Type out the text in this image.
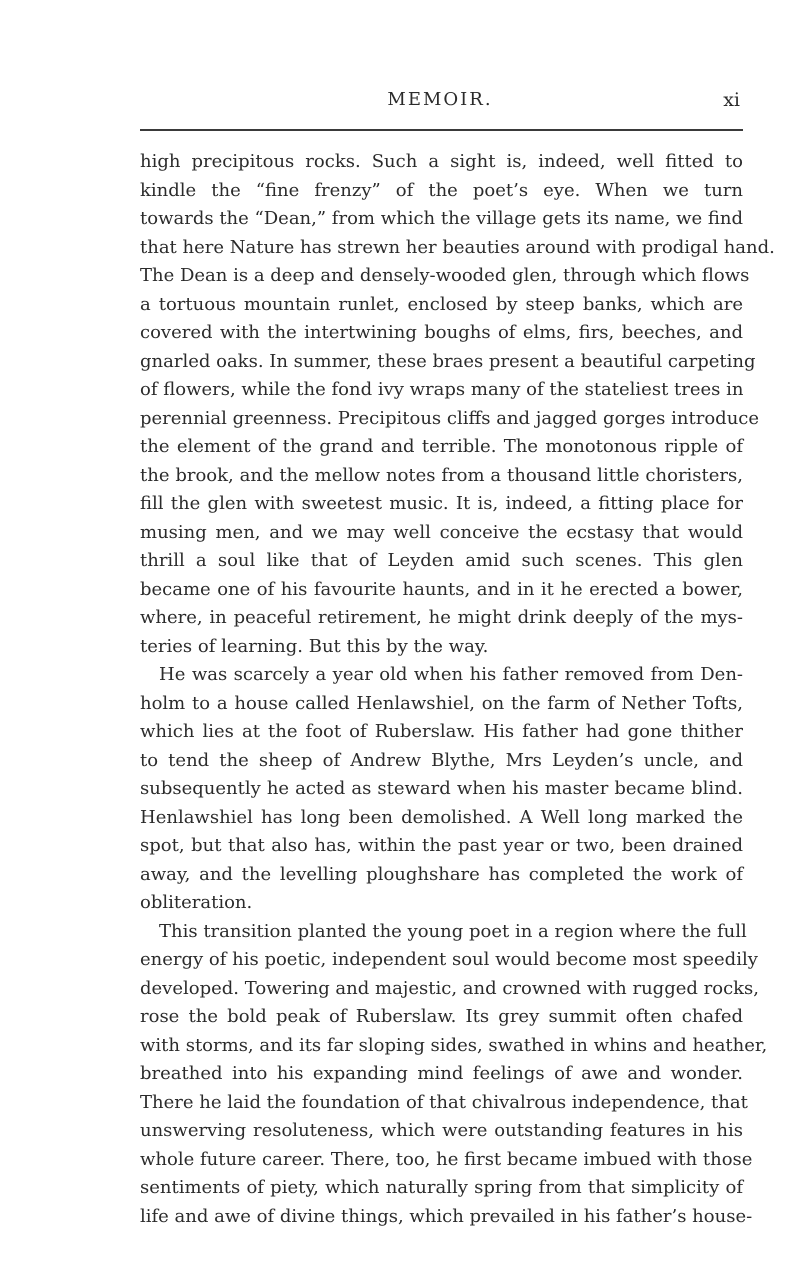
MEMOIR.	xi
high precipitous rocks. Such a sight is, indeed, well fitted to
kindle the “fine frenzy” of the poet’s eye. When we turn
towards the “Dean,” from which the village gets its name, we find
that here Nature has strewn her beauties around with prodigal hand.
The Dean is a deep and densely-wooded glen, through which flows
a tortuous mountain runlet, enclosed by steep banks, which are
covered with the intertwining boughs of elms, firs, beeches, and
gnarled oaks. In summer, these braes present a beautiful carpeting
of flowers, while the fond ivy wraps many of the stateliest trees in
perennial greenness. Precipitous cliffs and jagged gorges introduce
the element of the grand and terrible. The monotonous ripple of
the brook, and the mellow notes from a thousand little choristers,
fill the glen with sweetest music. It is, indeed, a fitting place for
musing men, and we may well conceive the ecstasy that would
thrill a soul like that of Leyden amid such scenes. This glen
became one of his favourite haunts, and in it he erected a bower,
where, in peaceful retirement, he might drink deeply of the mys-
teries of learning. But this by the way.
He was scarcely a year old when his father removed from Den-
holm to a house called Henlawshiel, on the farm of Nether Tofts,
which lies at the foot of Ruberslaw. His father had gone thither
to tend the sheep of Andrew Blythe, Mrs Leyden’s uncle, and
subsequently he acted as steward when his master became blind.
Henlawshiel has long been demolished. A Well long marked the
spot, but that also has, within the past year or two, been drained
away, and the levelling ploughshare has completed the work of
obliteration.
This transition planted the young poet in a region where the full
energy of his poetic, independent soul would become most speedily
developed. Towering and majestic, and crowned with rugged rocks,
rose the bold peak of Ruberslaw. Its grey summit often chafed
with storms, and its far sloping sides, swathed in whins and heather,
breathed into his expanding mind feelings of awe and wonder.
There he laid the foundation of that chivalrous independence, that
unswerving resoluteness, which were outstanding features in his
whole future career. There, too, he first became imbued with those
sentiments of piety, which naturally spring from that simplicity of
life and awe of divine things, which prevailed in his father’s house-
